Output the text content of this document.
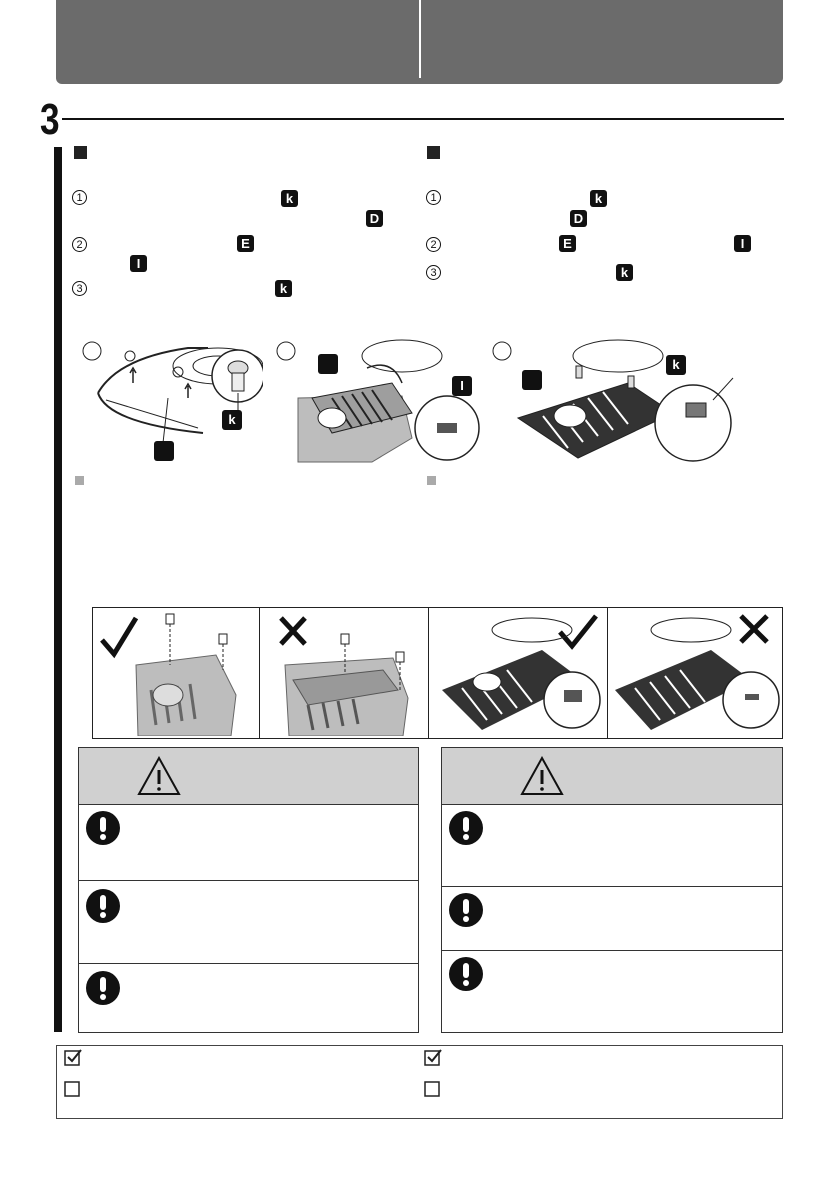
3
1	k
D
2	E
I
3	k
1	k
D
2	E	I
3	k
k
I
k
